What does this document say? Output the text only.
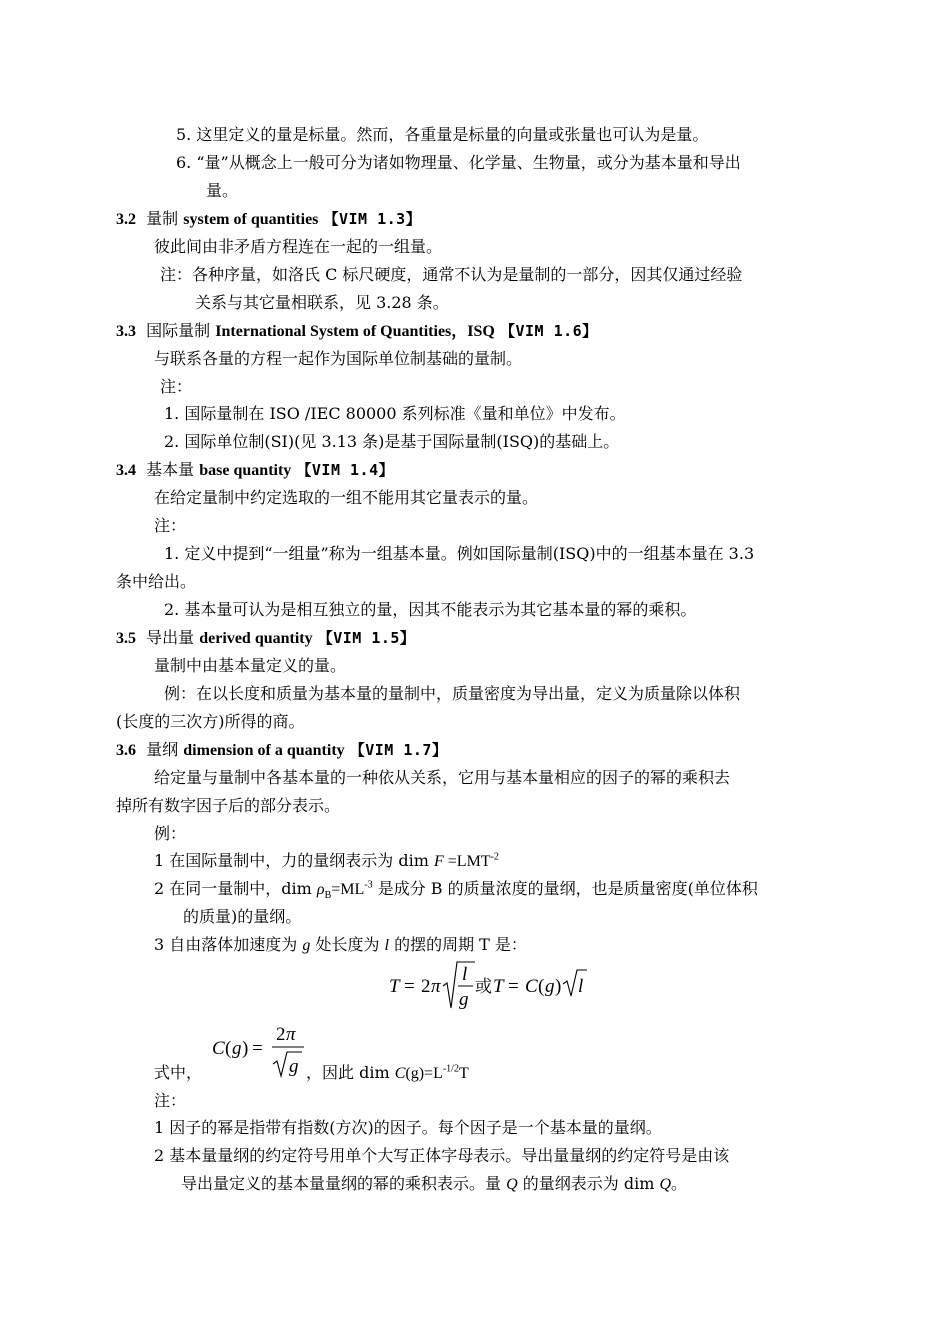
5. 这里定义的量是标量。然而，各重量是标量的向量或张量也可认为是量。
6. “量”从概念上一般可分为诸如物理量、化学量、生物量，或分为基本量和导出
量。
3.2 量制 system of quantities 【VIM 1.3】
彼此间由非矛盾方程连在一起的一组量。
注：各种序量，如洛氏 C 标尺硬度，通常不认为是量制的一部分，因其仅通过经验
关系与其它量相联系，见 3.28 条。
3.3 国际量制 International System of Quantities，ISQ 【VIM 1.6】
与联系各量的方程一起作为国际单位制基础的量制。
注：
1. 国际量制在 ISO /IEC 80000 系列标准《量和单位》中发布。
2. 国际单位制(SI)(见 3.13 条)是基于国际量制(ISQ)的基础上。
3.4 基本量 base quantity 【VIM 1.4】
在给定量制中约定选取的一组不能用其它量表示的量。
注：
1. 定义中提到“一组量”称为一组基本量。例如国际量制(ISQ)中的一组基本量在 3.3
条中给出。
2. 基本量可认为是相互独立的量，因其不能表示为其它基本量的幂的乘积。
3.5 导出量 derived quantity 【VIM 1.5】
量制中由基本量定义的量。
例：在以长度和质量为基本量的量制中，质量密度为导出量，定义为质量除以体积
(长度的三次方)所得的商。
3.6 量纲 dimension of a quantity 【VIM 1.7】
给定量与量制中各基本量的一种依从关系，它用与基本量相应的因子的幂的乘积去
掉所有数字因子后的部分表示。
例：
1 在国际量制中，力的量纲表示为 dim $F =LMT^{-2}$
2 在同一量制中，dim $\rho_B=ML^{-3}$ 是成分 B 的质量浓度的量纲，也是质量密度(单位体积
的质量)的量纲。
3 自由落体加速度为 g 处长度为 l 的摆的周期 T 是：
T = 2 π
l
g
或 T = C ( g ) l
式中，
C ( g ) =
2 π
g ，因此 dim $C(g)=L^{-1/2}T$
注：
1 因子的幂是指带有指数(方次)的因子。每个因子是一个基本量的量纲。
2 基本量量纲的约定符号用单个大写正体字母表示。导出量量纲的约定符号是由该
导出量定义的基本量量纲的幂的乘积表示。量 Q 的量纲表示为 dim Q。
